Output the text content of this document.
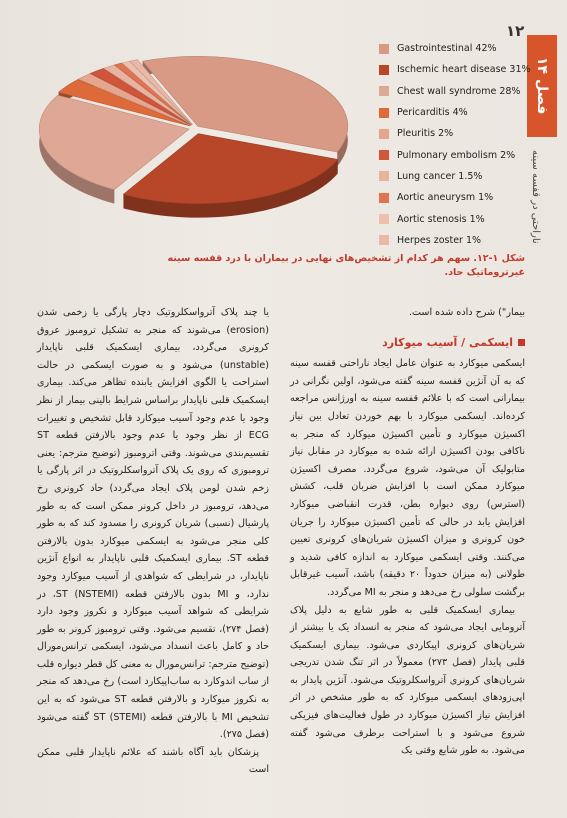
۱۲
فصل ۱۴
ناراحتی در قفسه سینه
Gastrointestinal 42%
Ischemic heart disease 31%
Chest wall syndrome 28%
Pericarditis 4%
Pleuritis 2%
Pulmonary embolism 2%
Lung cancer 1.5%
Aortic aneurysm 1%
Aortic stenosis 1%
Herpes zoster 1%
شکل ۱-۱۲. سهم هر کدام از تشخیص‌های نهایی در بیماران با درد قفسه سینه غیرتروماتیک حاد.

بیمار") شرح داده شده است.

ایسکمی / آسیب میوکارد

ایسکمی میوکارد به عنوان عامل ایجاد ناراحتی قفسه سینه که به آن آنژین قفسه سینه گفته می‌شود، اولین نگرانی در بیمارانی است که با علائم قفسه سینه به اورژانس مراجعه کرده‌اند. ایسکمی میوکارد با بهم خوردن تعادل بین نیاز اکسیژن میوکارد و تأمین اکسیژن میوکارد که منجر به ناکافی بودن اکسیژن ارائه شده به میوکارد در مقابل نیاز متابولیک آن می‌شود، شروع می‌گردد. مصرف اکسیژن میوکارد ممکن است با افزایش ضربان قلب، کشش (استرس) روی دیواره بطن، قدرت انقباضی میوکارد افزایش یابد در حالی که تأمین اکسیژن میوکارد را جریان خون کرونری و میزان اکسیژن شریان‌های کرونری تعیین می‌کنند. وقتی ایسکمی میوکارد به اندازه کافی شدید و طولانی (به میزان حدوداً ۲۰ دقیقه) باشد، آسیب غیرقابل برگشت سلولی رخ می‌دهد و منجر به MI می‌گردد.

بیماری ایسکمیک قلبی به طور شایع به دلیل پلاک آترومایی ایجاد می‌شود که منجر به انسداد یک یا بیشتر از شریان‌های کرونری اپیکاردی می‌شود. بیماری ایسکمیک قلبی پایدار (فصل ۲۷۳) معمولاً در اثر تنگ شدن تدریجی شریان‌های کرونری آترواسکلروتیک می‌شود. آنژین پایدار به اپی‌زودهای ایسکمی میوکارد که به طور مشخص در اثر افزایش نیاز اکسیژن میوکارد در طول فعالیت‌های فیزیکی شروع می‌شود و با استراحت برطرف می‌شود گفته می‌شود. به طور شایع وقتی یک

یا چند پلاک آترواسکلروتیک دچار پارگی یا زخمی شدن (erosion) می‌شوند که منجر به تشکیل ترومبوز عروق کرونری می‌گردد، بیماری ایسکمیک قلبی ناپایدار (unstable) می‌شود و به صورت ایسکمی در حالت استراحت یا الگوی افزایش یابنده تظاهر می‌کند. بیماری ایسکمیک قلبی ناپایدار براساس شرایط بالینی بیمار از نظر وجود یا عدم وجود آسیب میوکارد قابل تشخیص و تغییرات ECG از نظر وجود یا عدم وجود بالارفتن قطعه ST تقسیم‌بندی می‌شوند. وقتی اترومبوز (توضیح مترجم: یعنی ترومبوزی که روی یک پلاک آترواسکلروتیک در اثر پارگی یا زخم شدن لومن پلاک ایجاد می‌گردد) حاد کرونری رخ می‌دهد، ترومبوز در داخل کرونر ممکن است که به طور پارشیال (نسبی) شریان کرونری را مسدود کند که به طور کلی منجر می‌شود به ایسکمی میوکارد بدون بالارفتن قطعه ST. بیماری ایسکمیک قلبی ناپایدار به انواع آنژین ناپایدار، در شرایطی که شواهدی از آسیب میوکارد وجود ندارد، و MI بدون بالارفتن قطعه ST (NSTEMI)، در شرایطی که شواهد آسیب میوکارد و نکروز وجود دارد (فصل ۲۷۴)، تقسیم می‌شود. وقتی ترومبوز کرونر به طور حاد و کامل باعث انسداد می‌شود، ایسکمی ترانس‌مورال (توضیح مترجم: ترانس‌مورال به معنی کل قطر دیواره قلب از ساب اندوکارد به ساب‌اپیکارد است) رخ می‌دهد که منجر به نکروز میوکارد و بالارفتن قطعه ST می‌شود که به این تشخیص MI با بالارفتن قطعه ST (STEMI) گفته می‌شود (فصل ۲۷۵).

پزشکان باید آگاه باشند که علائم ناپایدار قلبی ممکن است
